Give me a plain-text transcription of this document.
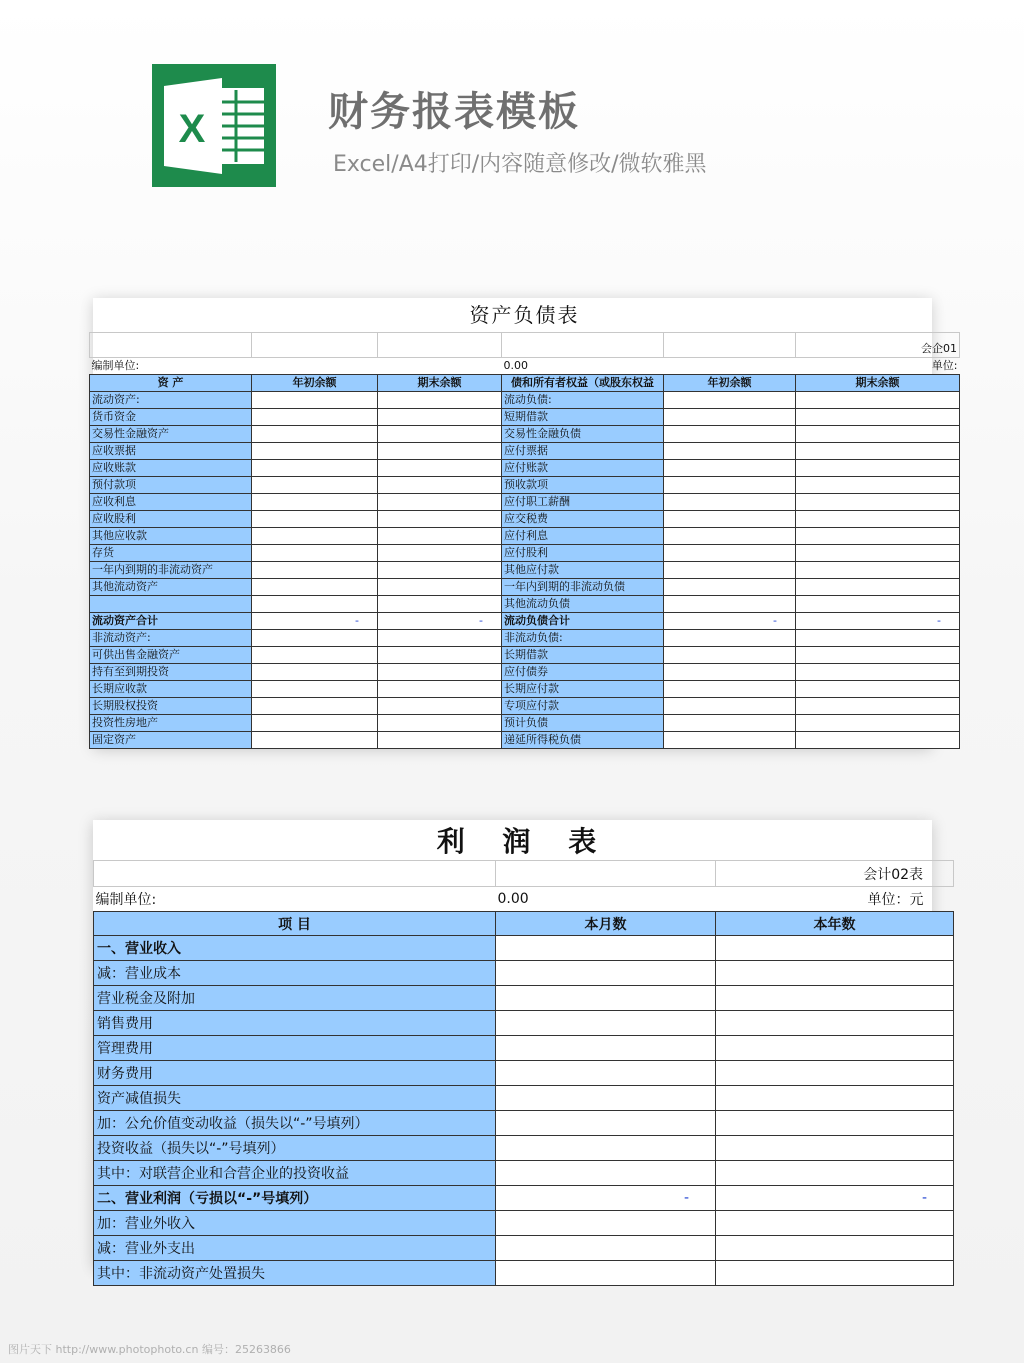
X	财务报表模板
Excel/A4打印/内容随意修改/微软雅黑
资产负债表					
					会企01
编制单位:			0.00		单位:
资 产	年初余额	期末余额	债和所有者权益（或股东权益	年初余额	期末余额
流动资产:			流动负债:		
货币资金			短期借款		
交易性金融资产			交易性金融负债		
应收票据			应付票据		
应收账款			应付账款		
预付款项			预收款项		
应收利息			应付职工薪酬		
应收股利			应交税费		
其他应收款			应付利息		
存货			应付股利		
一年内到期的非流动资产			其他应付款		
其他流动资产			一年内到期的非流动负债		
			其他流动负债		
流动资产合计	-	-	流动负债合计	-	-
非流动资产:			非流动负债:		
可供出售金融资产			长期借款		
持有至到期投资			应付债券		
长期应收款			长期应付款		
长期股权投资			专项应付款		
投资性房地产			预计负债		
固定资产			递延所得税负债		
利 润 表		
		会计02表
编制单位:	0.00	单位：元
项 目	本月数	本年数
一、营业收入		
减：营业成本		
营业税金及附加		
销售费用		
管理费用		
财务费用		
资产减值损失		
加：公允价值变动收益（损失以“-”号填列）		
投资收益（损失以“-”号填列）		
其中：对联营企业和合营企业的投资收益		
二、营业利润（亏损以“-”号填列）	-	-
加：营业外收入		
减：营业外支出		
其中：非流动资产处置损失		
图片天下 http://www.photophoto.cn 编号：25263866
